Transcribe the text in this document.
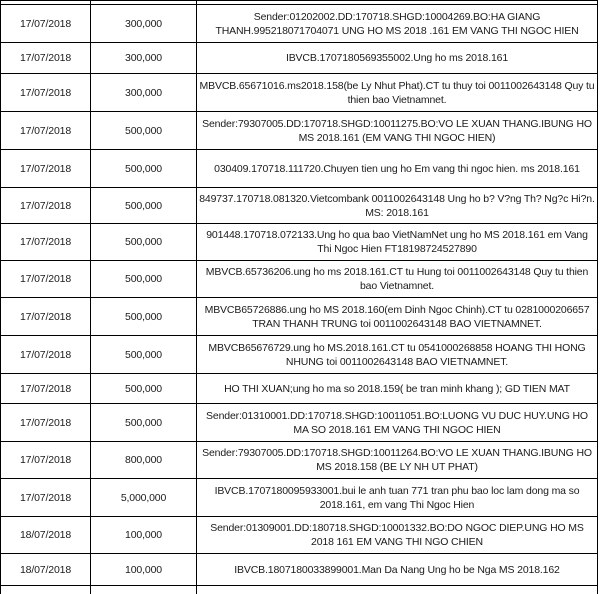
17/07/2018	300,000	Sender:01202002.DD:170718.SHGD:10004269.BO:HA GIANG THANH.995218071704071 UNG HO MS 2018 .161 EM VANG THI NGOC HIEN
17/07/2018	300,000	IBVCB.1707180569355002.Ung ho ms 2018.161
17/07/2018	300,000	MBVCB.65671016.ms2018.158(be Ly Nhut Phat).CT tu thuy toi 0011002643148 Quy tu thien bao Vietnamnet.
17/07/2018	500,000	Sender:79307005.DD:170718.SHGD:10011275.BO:VO LE XUAN THANG.IBUNG HO MS 2018.161 (EM VANG THI NGOC HIEN)
17/07/2018	500,000	030409.170718.111720.Chuyen tien ung ho Em vang thi ngoc hien. ms 2018.161
17/07/2018	500,000	849737.170718.081320.Vietcombank 0011002643148 Ung ho b? V?ng Th? Ng?c Hi?n. MS: 2018.161
17/07/2018	500,000	901448.170718.072133.Ung ho qua bao VietNamNet ung ho MS 2018.161 em Vang Thi Ngoc Hien FT18198724527890
17/07/2018	500,000	MBVCB.65736206.ung ho ms 2018.161.CT tu Hung toi 0011002643148 Quy tu thien bao Vietnamnet.
17/07/2018	500,000	MBVCB65726886.ung ho MS 2018.160(em Dinh Ngoc Chinh).CT tu 0281000206657 TRAN THANH TRUNG toi 0011002643148 BAO VIETNAMNET.
17/07/2018	500,000	MBVCB65676729.ung ho MS.2018.161.CT tu 0541000268858 HOANG THI HONG NHUNG toi 0011002643148 BAO VIETNAMNET.
17/07/2018	500,000	HO THI XUAN;ung ho ma so 2018.159( be tran minh khang ); GD TIEN MAT
17/07/2018	500,000	Sender:01310001.DD:170718.SHGD:10011051.BO:LUONG VU DUC HUY.UNG HO MA SO 2018.161 EM VANG THI NGOC HIEN
17/07/2018	800,000	Sender:79307005.DD:170718.SHGD:10011264.BO:VO LE XUAN THANG.IBUNG HO MS 2018.158 (BE LY NH UT PHAT)
17/07/2018	5,000,000	IBVCB.1707180095933001.bui le anh tuan 771 tran phu bao loc lam dong ma so 2018.161, em vang Thi Ngoc Hien
18/07/2018	100,000	Sender:01309001.DD:180718.SHGD:10001332.BO:DO NGOC DIEP.UNG HO MS 2018 161 EM VANG THI NGO CHIEN
18/07/2018	100,000	IBVCB.1807180033899001.Man Da Nang Ung ho be Nga MS 2018.162
